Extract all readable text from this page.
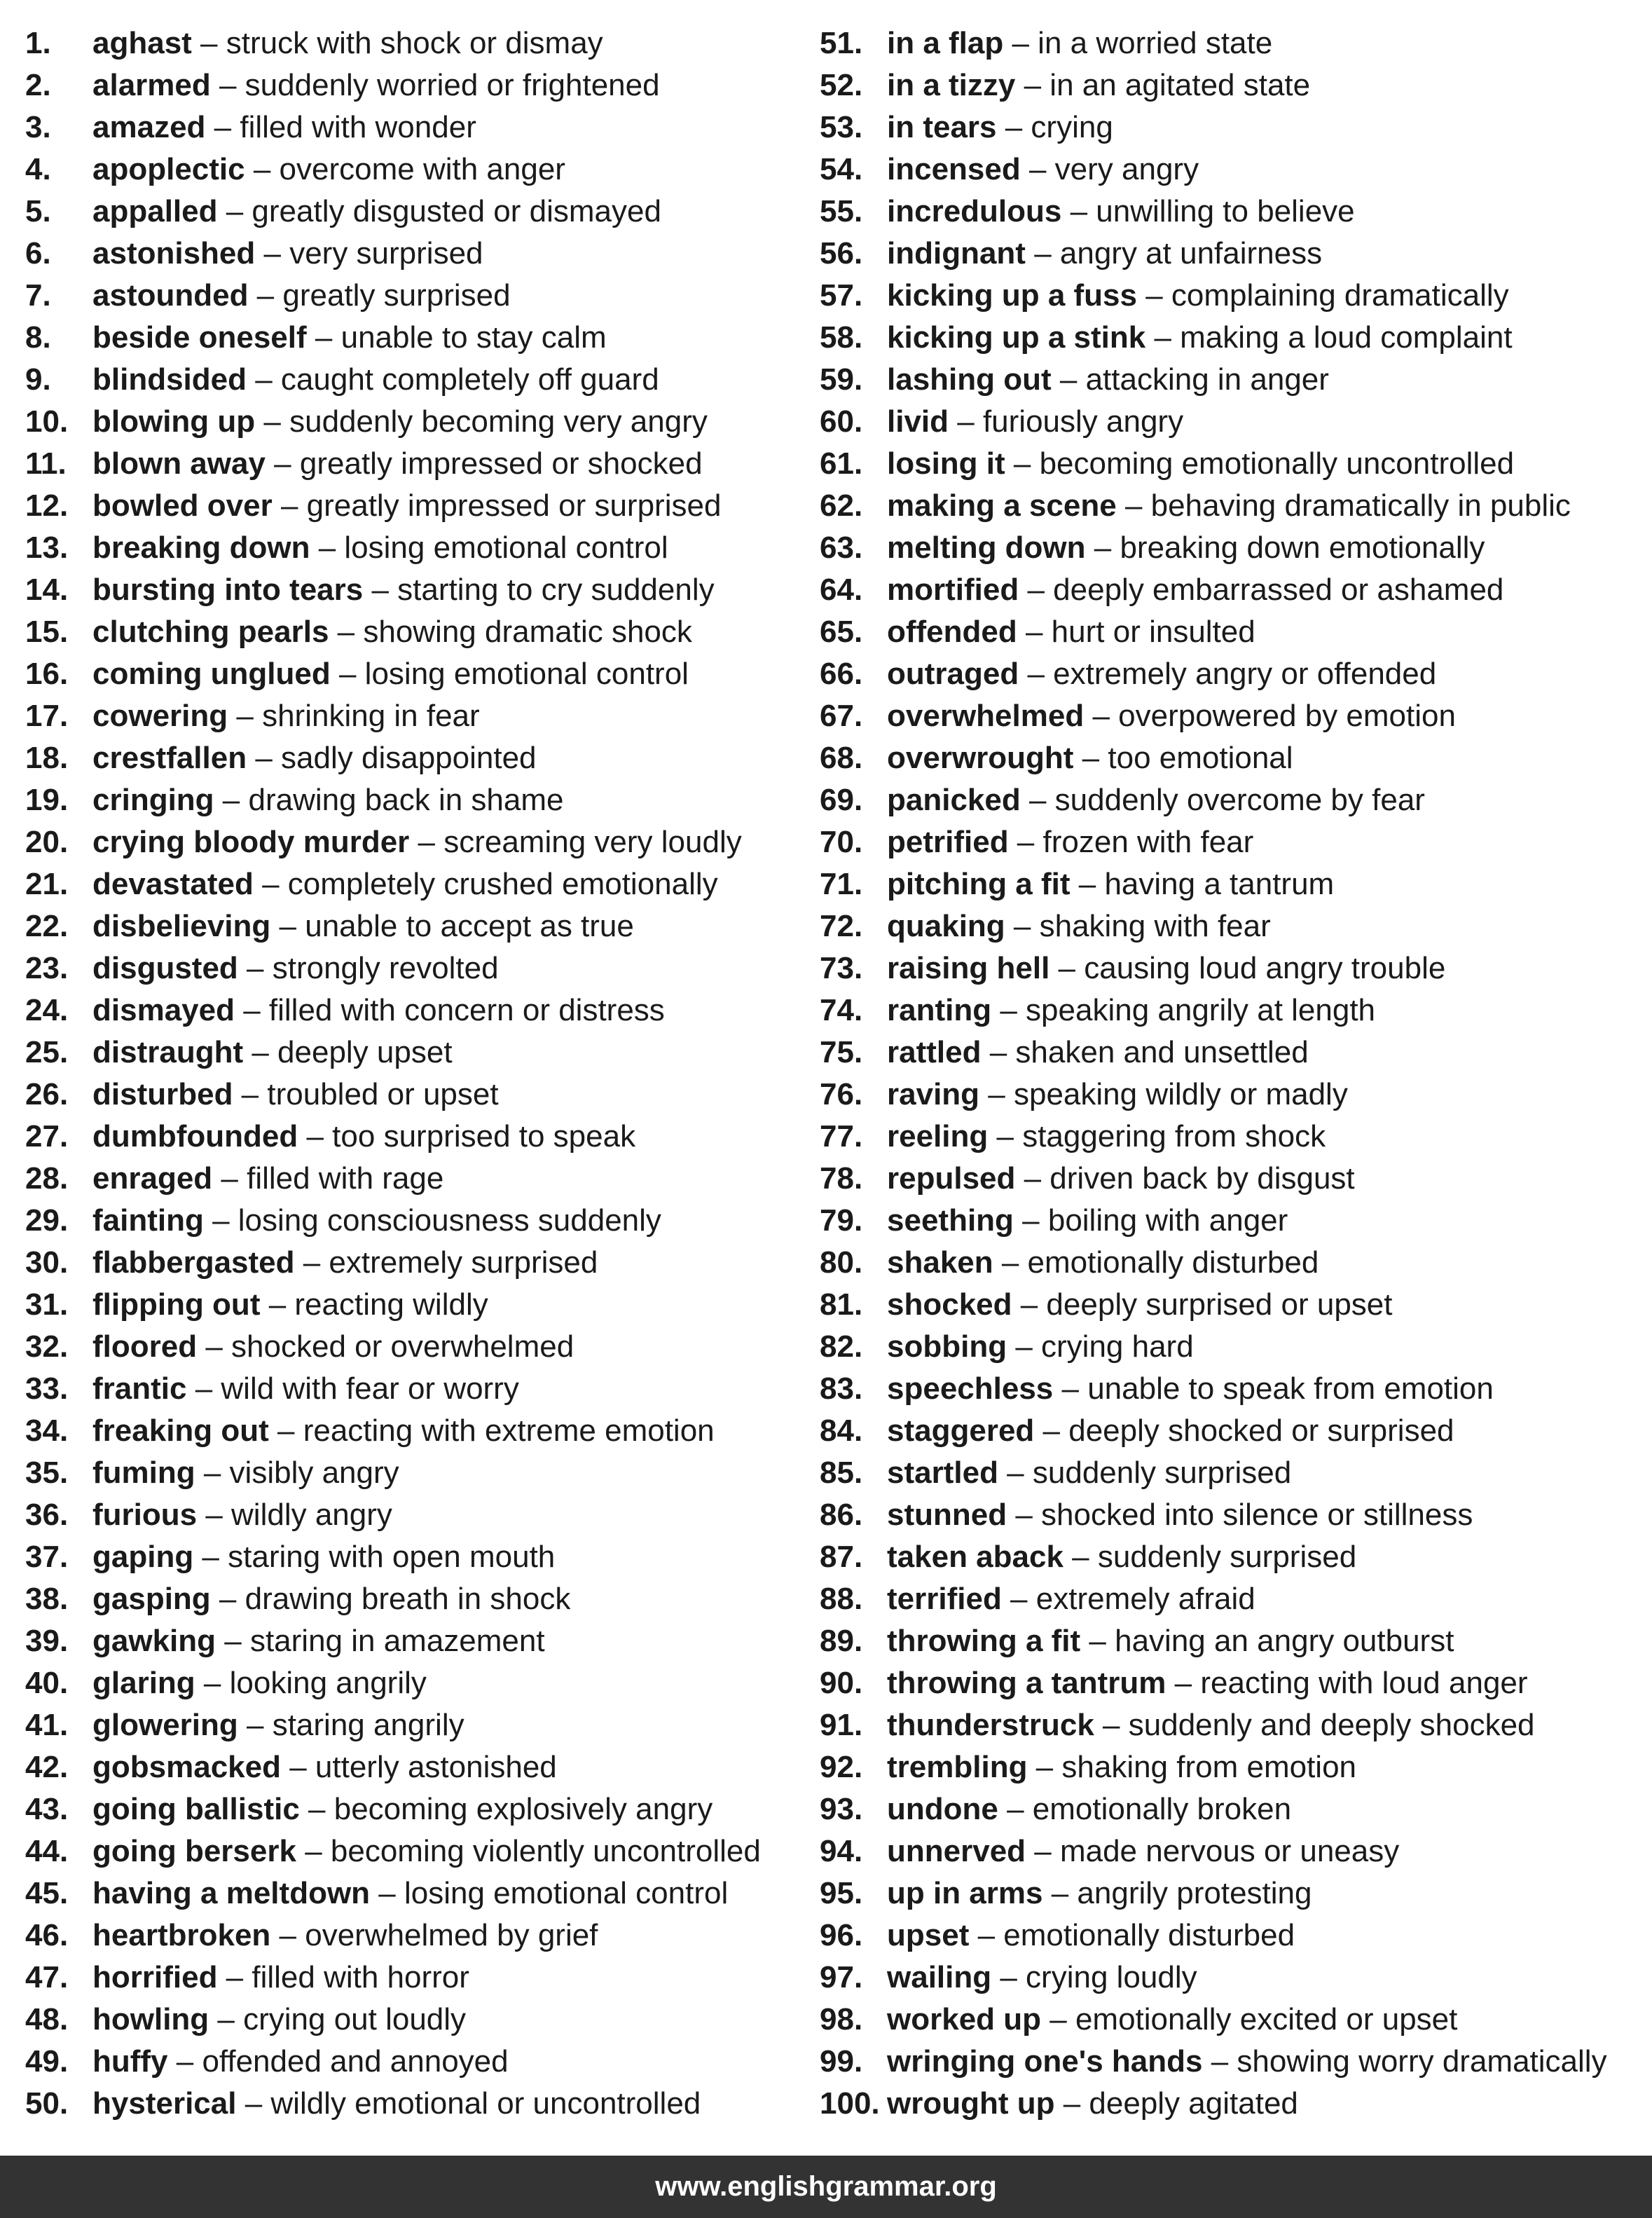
1. aghast – struck with shock or dismay
2. alarmed – suddenly worried or frightened
3. amazed – filled with wonder
4. apoplectic – overcome with anger
5. appalled – greatly disgusted or dismayed
6. astonished – very surprised
7. astounded – greatly surprised
8. beside oneself – unable to stay calm
9. blindsided – caught completely off guard
10. blowing up – suddenly becoming very angry
11. blown away – greatly impressed or shocked
12. bowled over – greatly impressed or surprised
13. breaking down – losing emotional control
14. bursting into tears – starting to cry suddenly
15. clutching pearls – showing dramatic shock
16. coming unglued – losing emotional control
17. cowering – shrinking in fear
18. crestfallen – sadly disappointed
19. cringing – drawing back in shame
20. crying bloody murder – screaming very loudly
21. devastated – completely crushed emotionally
22. disbelieving – unable to accept as true
23. disgusted – strongly revolted
24. dismayed – filled with concern or distress
25. distraught – deeply upset
26. disturbed – troubled or upset
27. dumbfounded – too surprised to speak
28. enraged – filled with rage
29. fainting – losing consciousness suddenly
30. flabbergasted – extremely surprised
31. flipping out – reacting wildly
32. floored – shocked or overwhelmed
33. frantic – wild with fear or worry
34. freaking out – reacting with extreme emotion
35. fuming – visibly angry
36. furious – wildly angry
37. gaping – staring with open mouth
38. gasping – drawing breath in shock
39. gawking – staring in amazement
40. glaring – looking angrily
41. glowering – staring angrily
42. gobsmacked – utterly astonished
43. going ballistic – becoming explosively angry
44. going berserk – becoming violently uncontrolled
45. having a meltdown – losing emotional control
46. heartbroken – overwhelmed by grief
47. horrified – filled with horror
48. howling – crying out loudly
49. huffy – offended and annoyed
50. hysterical – wildly emotional or uncontrolled
51. in a flap – in a worried state
52. in a tizzy – in an agitated state
53. in tears – crying
54. incensed – very angry
55. incredulous – unwilling to believe
56. indignant – angry at unfairness
57. kicking up a fuss – complaining dramatically
58. kicking up a stink – making a loud complaint
59. lashing out – attacking in anger
60. livid – furiously angry
61. losing it – becoming emotionally uncontrolled
62. making a scene – behaving dramatically in public
63. melting down – breaking down emotionally
64. mortified – deeply embarrassed or ashamed
65. offended – hurt or insulted
66. outraged – extremely angry or offended
67. overwhelmed – overpowered by emotion
68. overwrought – too emotional
69. panicked – suddenly overcome by fear
70. petrified – frozen with fear
71. pitching a fit – having a tantrum
72. quaking – shaking with fear
73. raising hell – causing loud angry trouble
74. ranting – speaking angrily at length
75. rattled – shaken and unsettled
76. raving – speaking wildly or madly
77. reeling – staggering from shock
78. repulsed – driven back by disgust
79. seething – boiling with anger
80. shaken – emotionally disturbed
81. shocked – deeply surprised or upset
82. sobbing – crying hard
83. speechless – unable to speak from emotion
84. staggered – deeply shocked or surprised
85. startled – suddenly surprised
86. stunned – shocked into silence or stillness
87. taken aback – suddenly surprised
88. terrified – extremely afraid
89. throwing a fit – having an angry outburst
90. throwing a tantrum – reacting with loud anger
91. thunderstruck – suddenly and deeply shocked
92. trembling – shaking from emotion
93. undone – emotionally broken
94. unnerved – made nervous or uneasy
95. up in arms – angrily protesting
96. upset – emotionally disturbed
97. wailing – crying loudly
98. worked up – emotionally excited or upset
99. wringing one's hands – showing worry dramatically
100. wrought up – deeply agitated
www.englishgrammar.org
